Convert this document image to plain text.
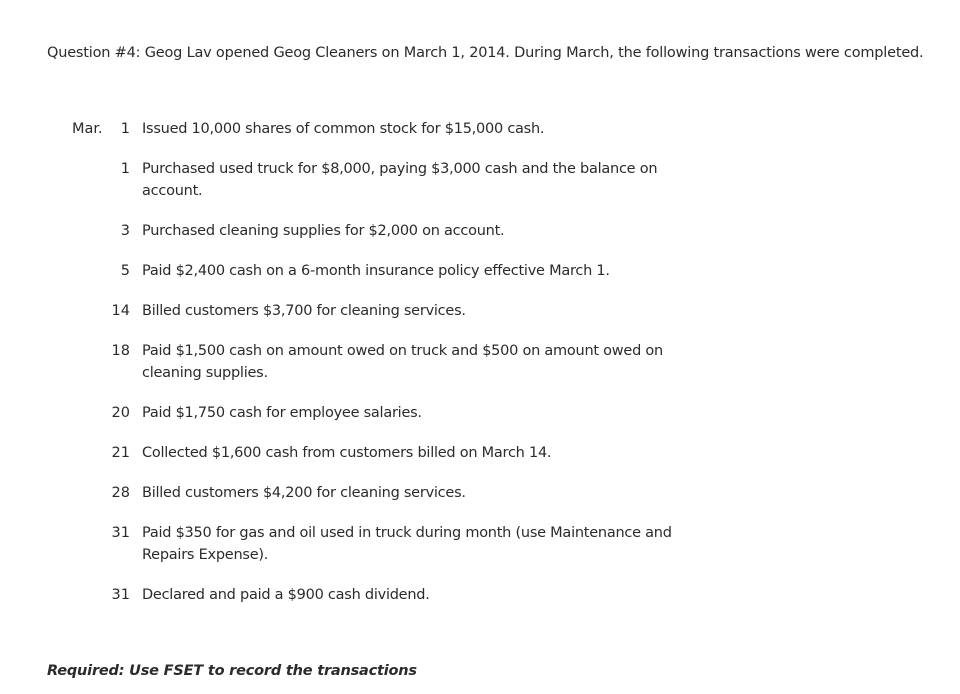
Question #4: Geog Lav opened Geog Cleaners on March 1, 2014. During March, the following transactions were completed.
Mar.	1	Issued 10,000 shares of common stock for $15,000 cash.
	1	Purchased used truck for $8,000, paying $3,000 cash and the balance on account.
	3	Purchased cleaning supplies for $2,000 on account.
	5	Paid $2,400 cash on a 6-month insurance policy effective March 1.
	14	Billed customers $3,700 for cleaning services.
	18	Paid $1,500 cash on amount owed on truck and $500 on amount owed on cleaning supplies.
	20	Paid $1,750 cash for employee salaries.
	21	Collected $1,600 cash from customers billed on March 14.
	28	Billed customers $4,200 for cleaning services.
	31	Paid $350 for gas and oil used in truck during month (use Maintenance and Repairs Expense).
	31	Declared and paid a $900 cash dividend.
Required: Use FSET to record the transactions
